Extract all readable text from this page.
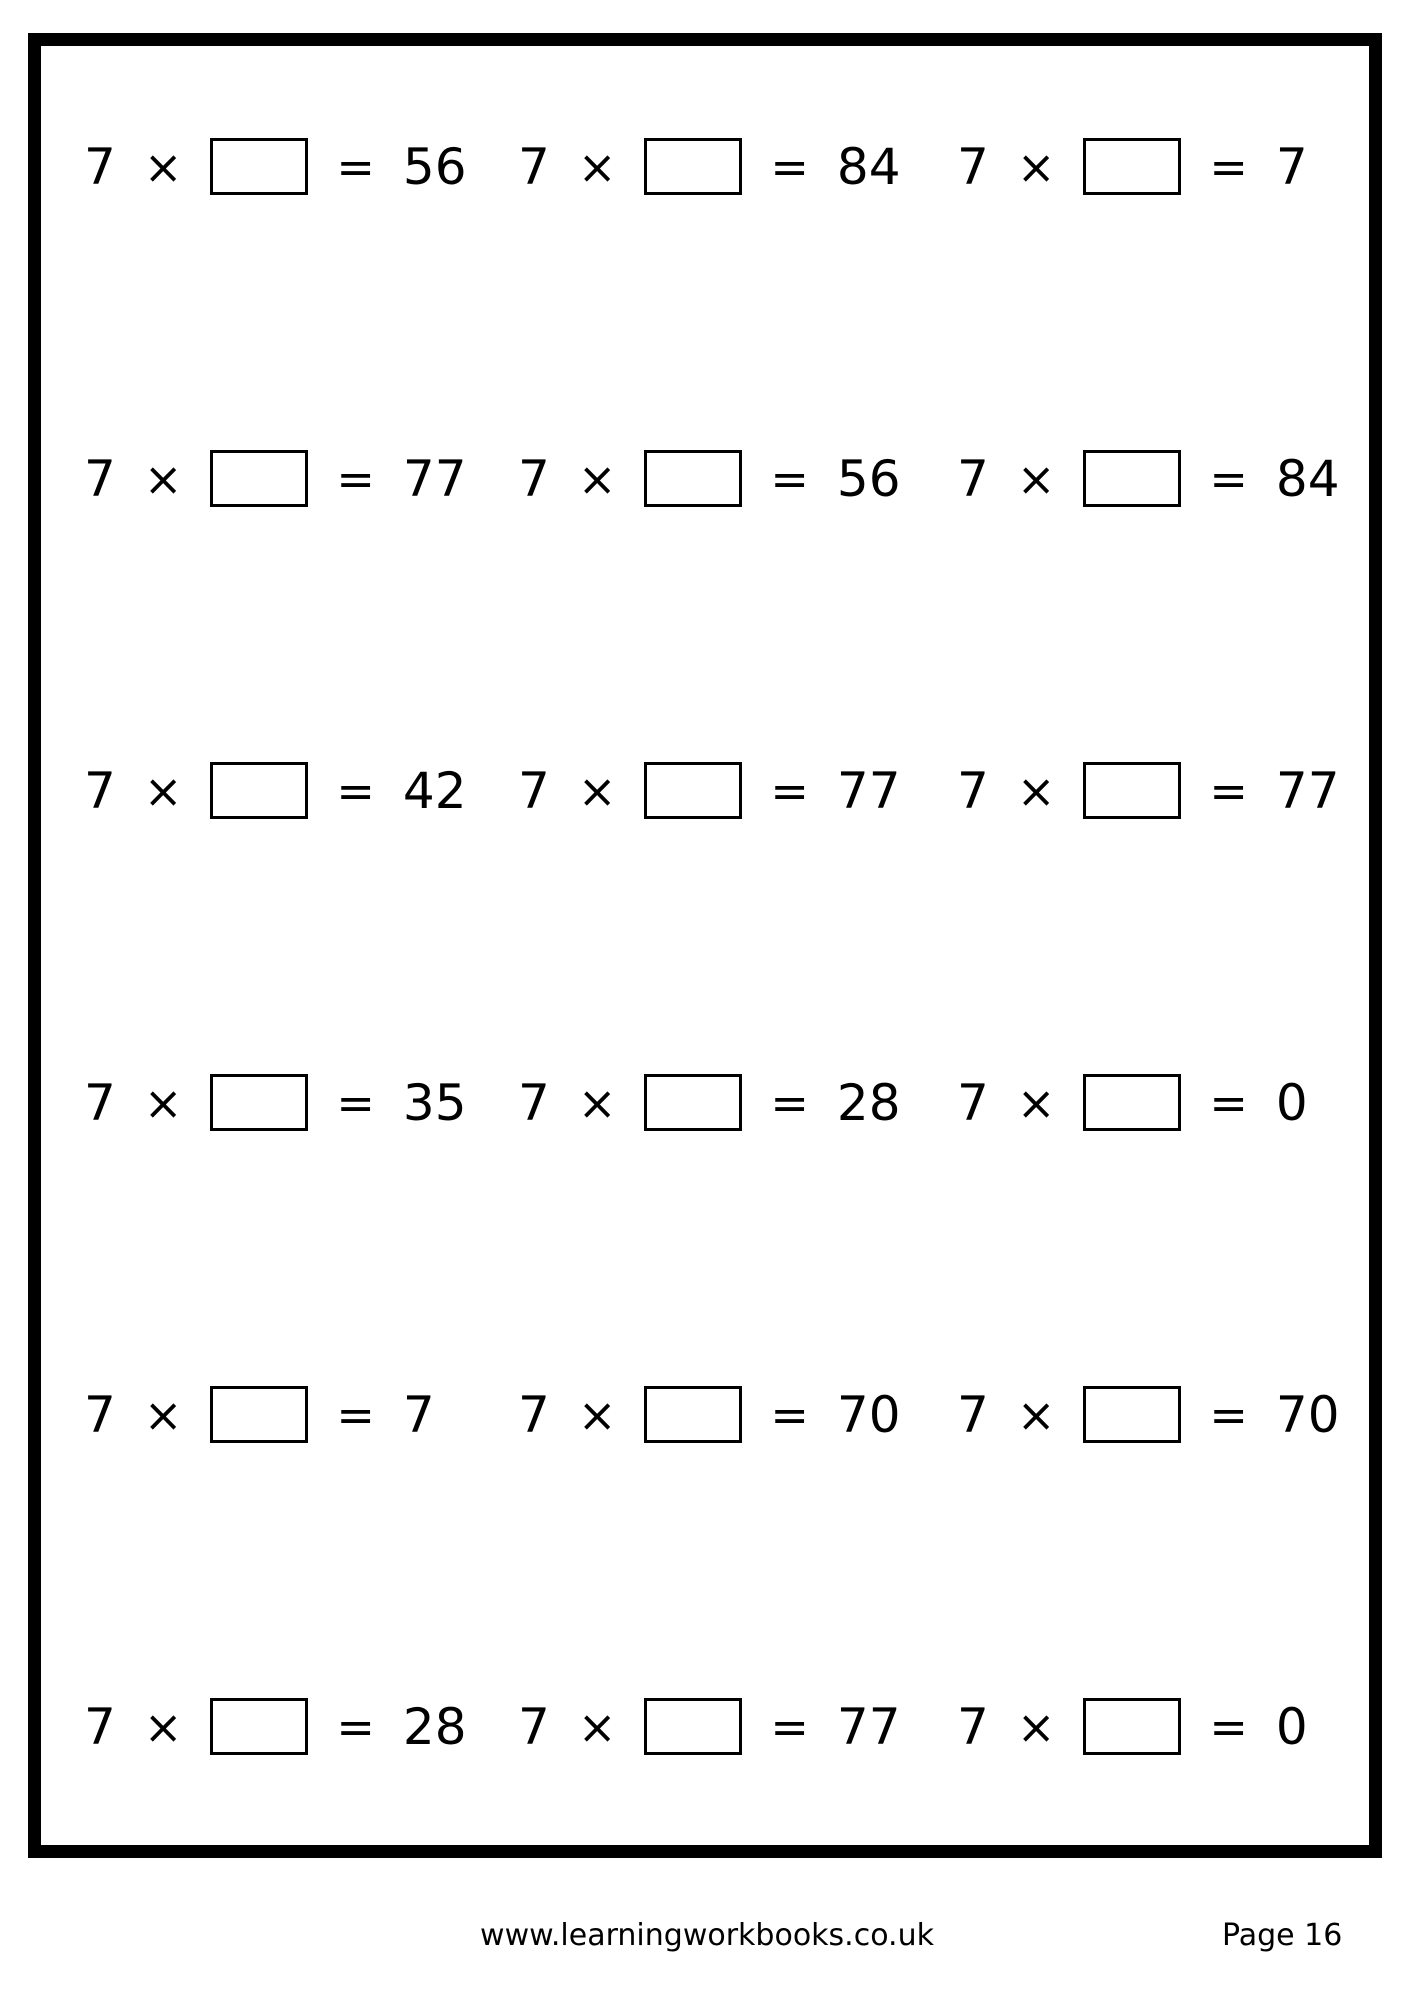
7 ×	= 56 7 ×	= 84 7 ×	= 7
7 ×	= 77 7 ×	= 56 7 ×	= 84
7 ×	= 42 7 ×	= 77 7 ×	= 77
7 ×	= 35 7 ×	= 28 7 ×	= 0
7 ×	= 7 7 ×	= 70 7 ×	= 70
7 ×	= 28 7 ×	= 77 7 ×	= 0
www.learningworkbooks.co.uk	Page 16
